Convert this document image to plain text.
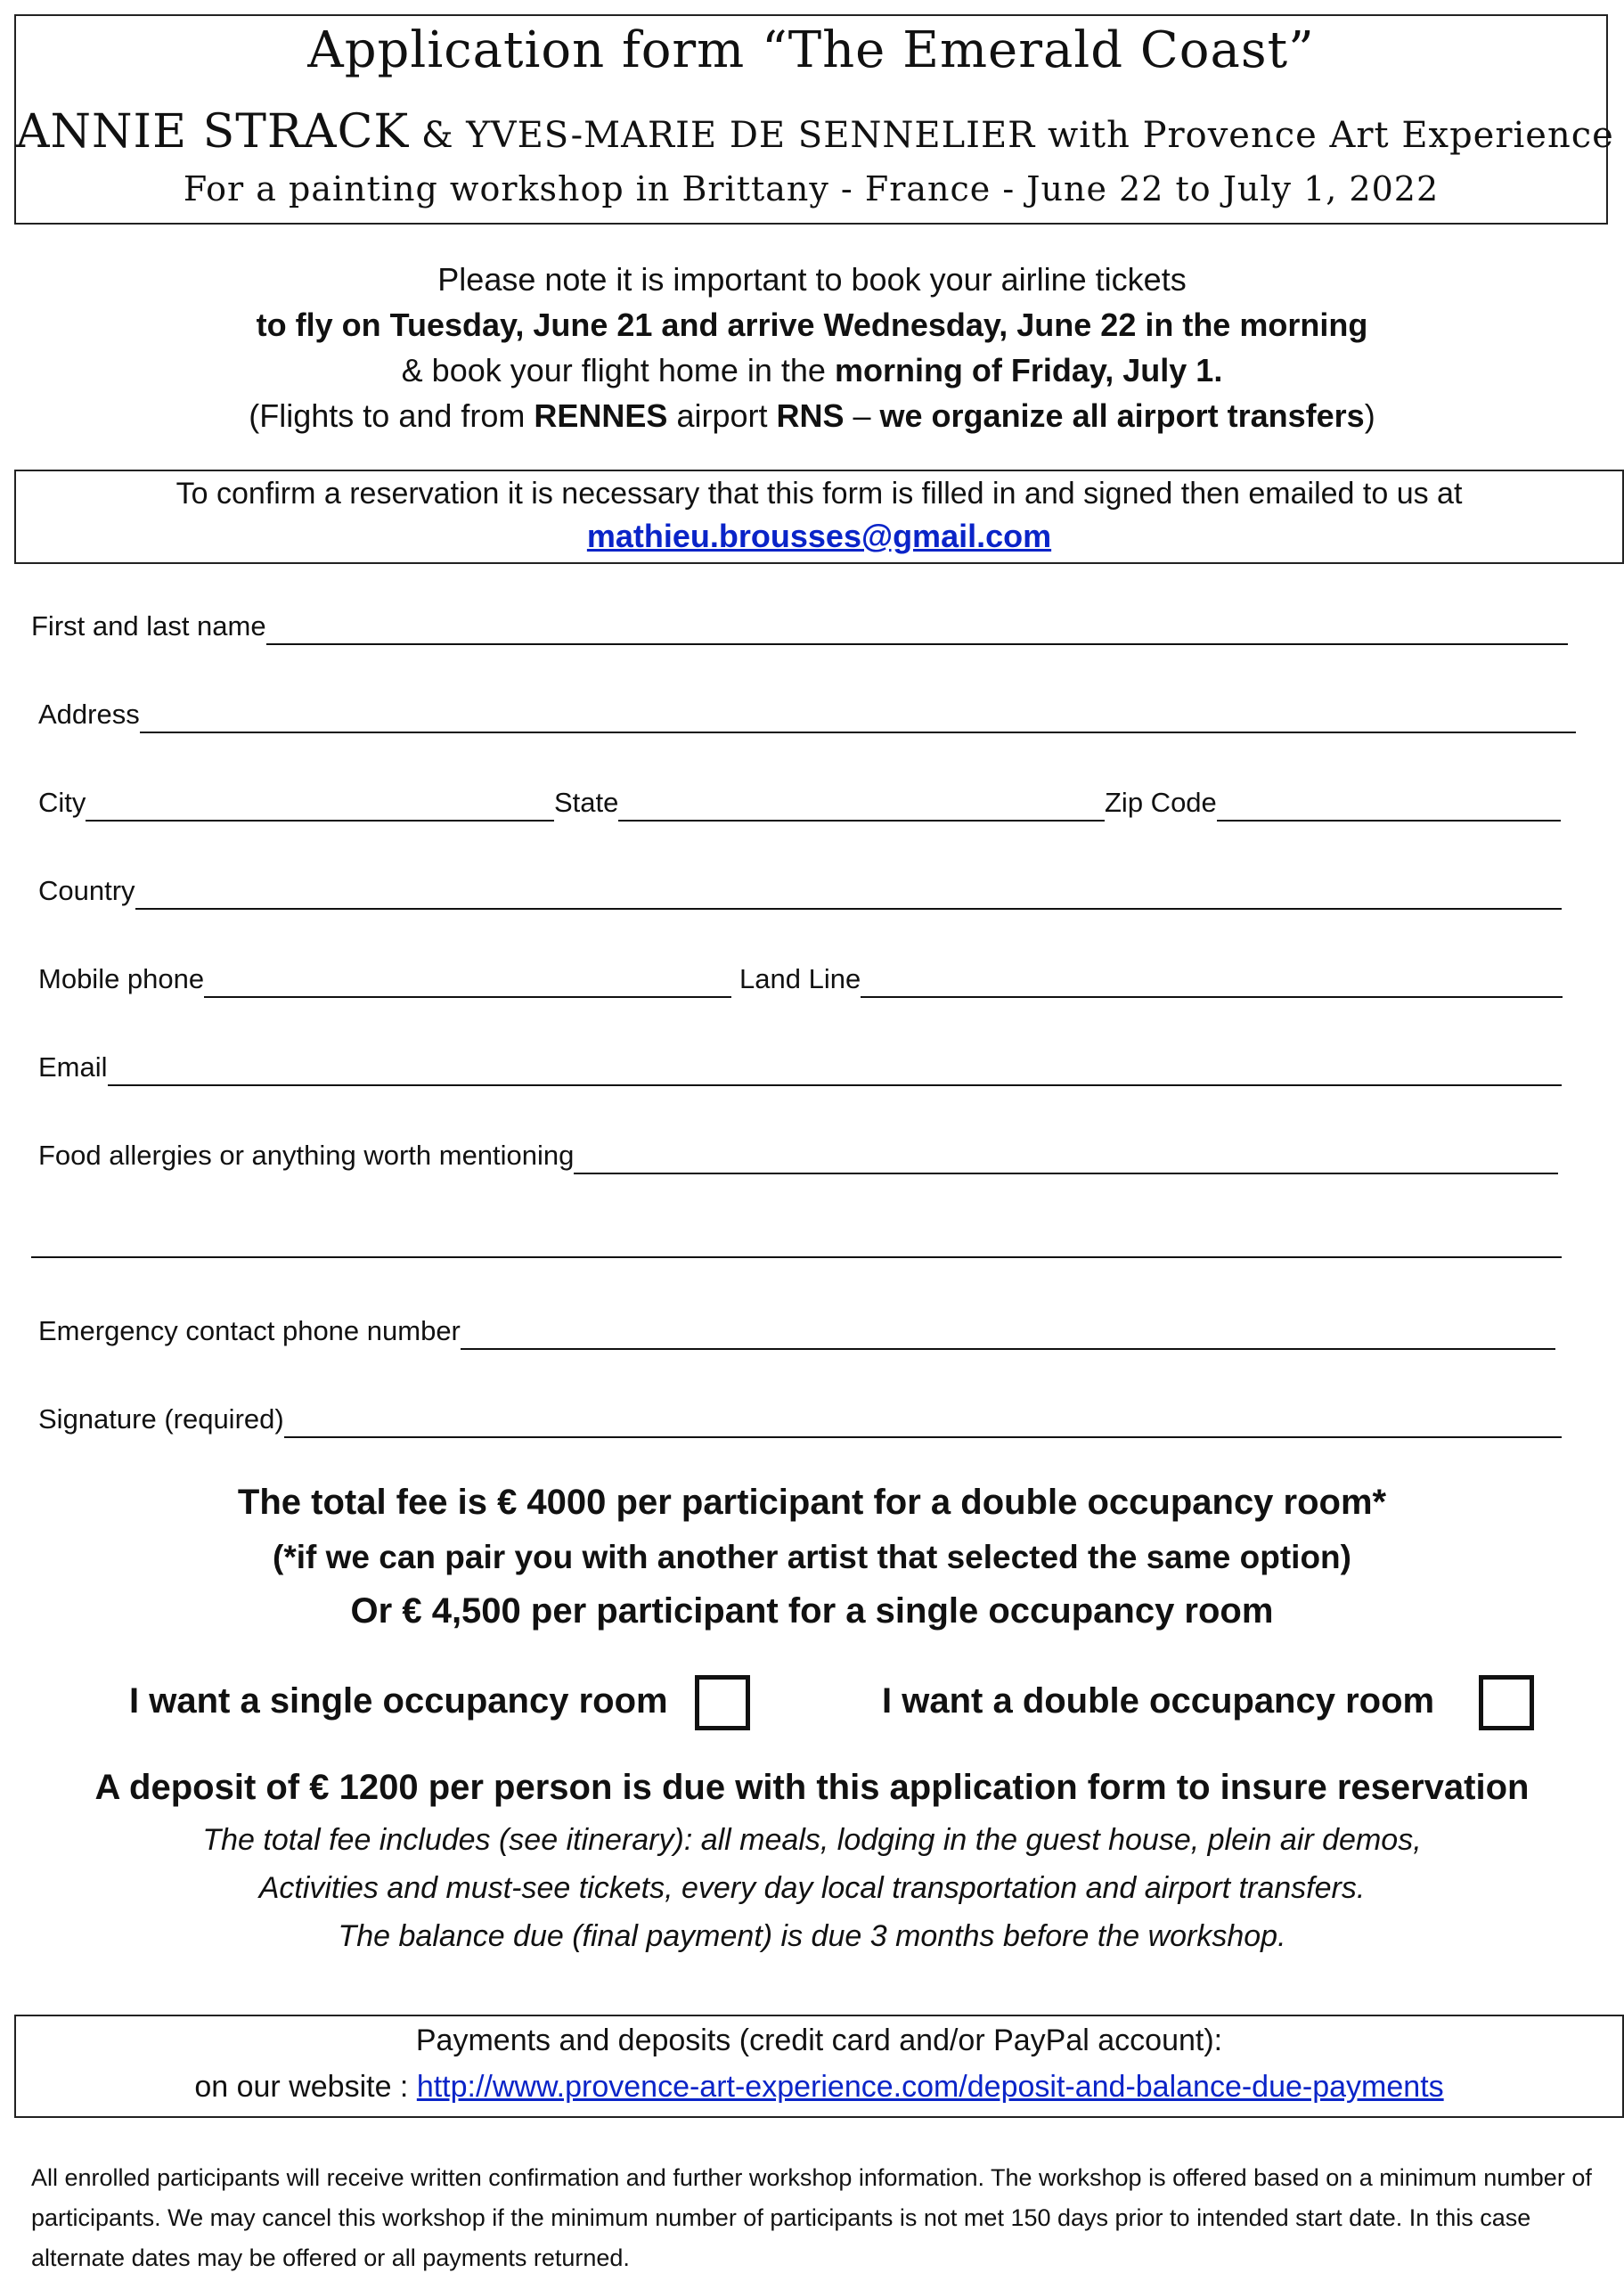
Application form “The Emerald Coast”
ANNIE STRACK & YVES-MARIE DE SENNELIER with Provence Art Experience
For a painting workshop in Brittany - France - June 22 to July 1, 2022
Please note it is important to book your airline tickets
to fly on Tuesday, June 21 and arrive Wednesday, June 22 in the morning
& book your flight home in the morning of Friday, July 1.
(Flights to and from RENNES airport RNS – we organize all airport transfers)
To confirm a reservation it is necessary that this form is filled in and signed then emailed to us at
mathieu.brousses@gmail.com
First and last name
Address
City	State	Zip Code
Country
Mobile phone	Land Line
Email
Food allergies or anything worth mentioning
Emergency contact phone number
Signature (required)
The total fee is € 4000 per participant for a double occupancy room*
(*if we can pair you with another artist that selected the same option)
Or € 4,500 per participant for a single occupancy room
I want a single occupancy room	I want a double occupancy room
A deposit of € 1200 per person is due with this application form to insure reservation
The total fee includes (see itinerary): all meals, lodging in the guest house, plein air demos,
Activities and must-see tickets, every day local transportation and airport transfers.
The balance due (final payment) is due 3 months before the workshop.
Payments and deposits (credit card and/or PayPal account):
on our website : http://www.provence-art-experience.com/deposit-and-balance-due-payments
All enrolled participants will receive written confirmation and further workshop information. The workshop is offered based on a minimum number of participants. We may cancel this workshop if the minimum number of participants is not met 150 days prior to intended start date. In this case alternate dates may be offered or all payments returned.
